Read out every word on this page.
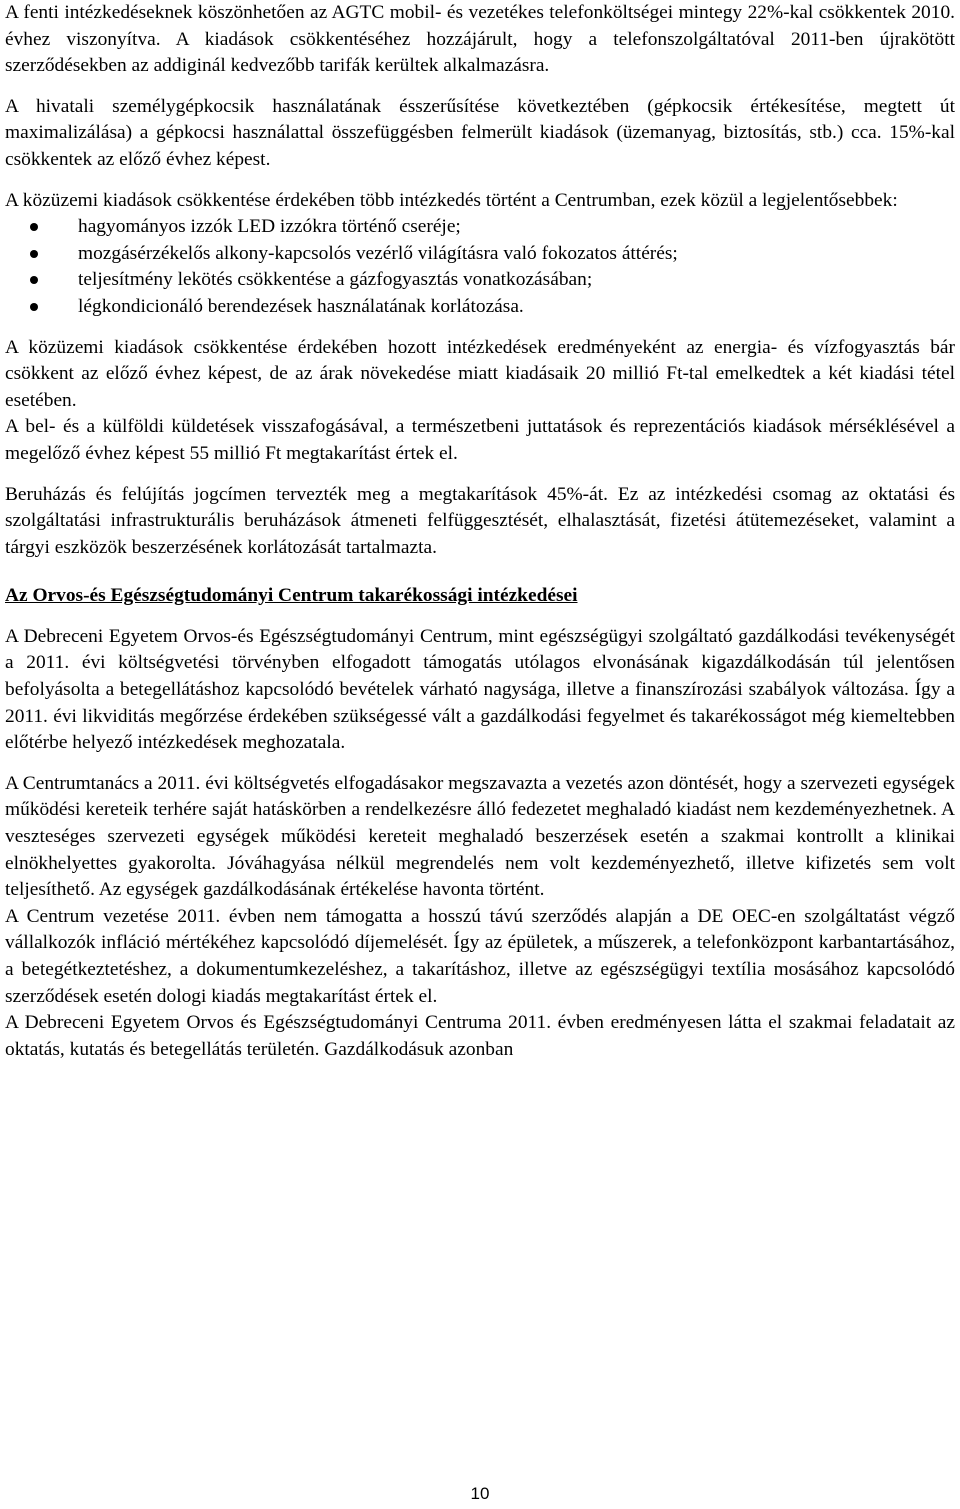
A fenti intézkedéseknek köszönhetően az AGTC mobil- és vezetékes telefonköltségei mintegy 22%-kal csökkentek 2010. évhez viszonyítva. A kiadások csökkentéséhez hozzájárult, hogy a telefonszolgáltatóval 2011-ben újrakötött szerződésekben az addiginál kedvezőbb tarifák kerültek alkalmazásra.

A hivatali személygépkocsik használatának ésszerűsítése következtében (gépkocsik értékesítése, megtett út maximalizálása) a gépkocsi használattal összefüggésben felmerült kiadások (üzemanyag, biztosítás, stb.) cca. 15%-kal csökkentek az előző évhez képest.

A közüzemi kiadások csökkentése érdekében több intézkedés történt a Centrumban, ezek közül a legjelentősebbek:

hagyományos izzók LED izzókra történő cseréje;
mozgásérzékelős alkony-kapcsolós vezérlő világításra való fokozatos áttérés;
teljesítmény lekötés csökkentése a gázfogyasztás vonatkozásában;
légkondicionáló berendezések használatának korlátozása.

A közüzemi kiadások csökkentése érdekében hozott intézkedések eredményeként az energia- és vízfogyasztás bár csökkent az előző évhez képest, de az árak növekedése miatt kiadásaik 20 millió Ft-tal emelkedtek a két kiadási tétel esetében.

A bel- és a külföldi küldetések visszafogásával, a természetbeni juttatások és reprezentációs kiadások mérséklésével a megelőző évhez képest 55 millió Ft megtakarítást értek el.

Beruházás és felújítás jogcímen tervezték meg a megtakarítások 45%-át. Ez az intézkedési csomag az oktatási és szolgáltatási infrastrukturális beruházások átmeneti felfüggesztését, elhalasztását, fizetési átütemezéseket, valamint a tárgyi eszközök beszerzésének korlátozását tartalmazta.

Az Orvos-és Egészségtudományi Centrum takarékossági intézkedései

A Debreceni Egyetem Orvos-és Egészségtudományi Centrum, mint egészségügyi szolgáltató gazdálkodási tevékenységét a 2011. évi költségvetési törvényben elfogadott támogatás utólagos elvonásának kigazdálkodásán túl jelentősen befolyásolta a betegellátáshoz kapcsolódó bevételek várható nagysága, illetve a finanszírozási szabályok változása. Így a 2011. évi likviditás megőrzése érdekében szükségessé vált a gazdálkodási fegyelmet és takarékosságot még kiemeltebben előtérbe helyező intézkedések meghozatala.

A Centrumtanács a 2011. évi költségvetés elfogadásakor megszavazta a vezetés azon döntését, hogy a szervezeti egységek működési kereteik terhére saját hatáskörben a rendelkezésre álló fedezetet meghaladó kiadást nem kezdeményezhetnek. A veszteséges szervezeti egységek működési kereteit meghaladó beszerzések esetén a szakmai kontrollt a klinikai elnökhelyettes gyakorolta. Jóváhagyása nélkül megrendelés nem volt kezdeményezhető, illetve kifizetés sem volt teljesíthető. Az egységek gazdálkodásának értékelése havonta történt.

A Centrum vezetése 2011. évben nem támogatta a hosszú távú szerződés alapján a DE OEC-en szolgáltatást végző vállalkozók infláció mértékéhez kapcsolódó díjemelését. Így az épületek, a műszerek, a telefonközpont karbantartásához, a betegétkeztetéshez, a dokumentumkezeléshez, a takarításhoz, illetve az egészségügyi textília mosásához kapcsolódó szerződések esetén dologi kiadás megtakarítást értek el.

A Debreceni Egyetem Orvos és Egészségtudományi Centruma 2011. évben eredményesen látta el szakmai feladatait az oktatás, kutatás és betegellátás területén. Gazdálkodásuk azonban

10
